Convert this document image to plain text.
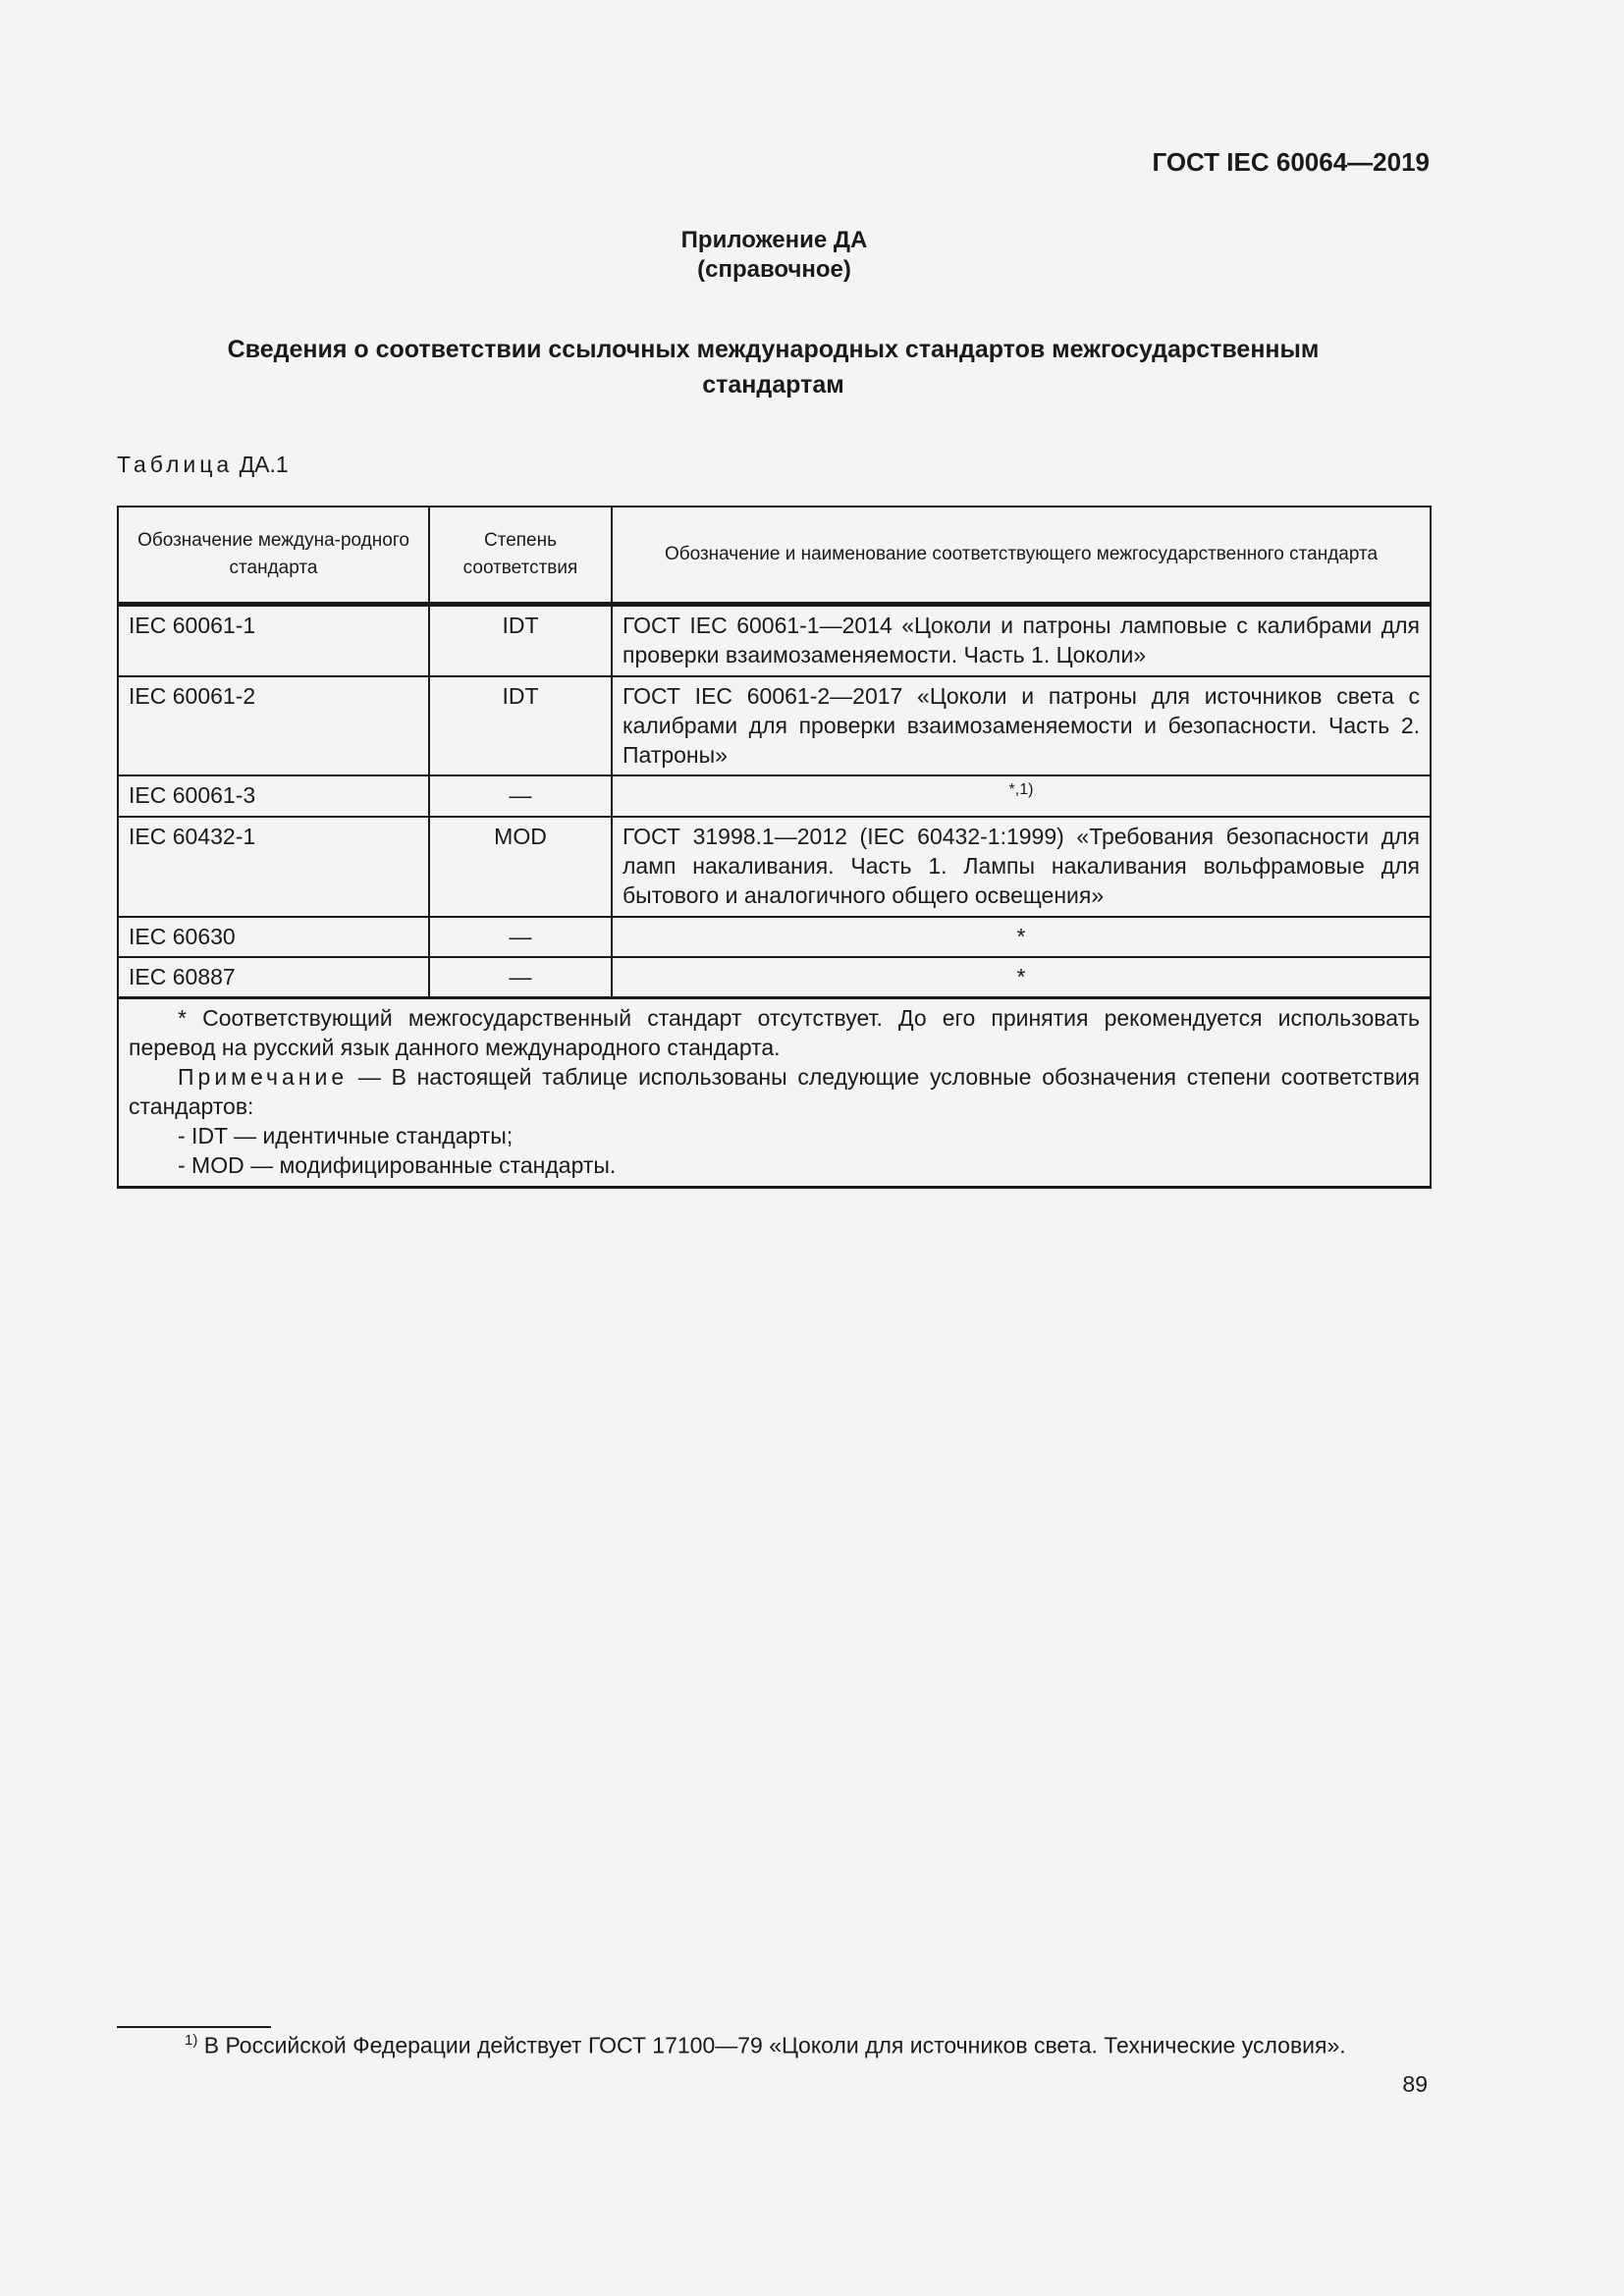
ГОСТ IEC 60064—2019
Приложение ДА
(справочное)
Сведения о соответствии ссылочных международных стандартов межгосударственным
стандартам
Таблица ДА.1
Обозначение междуна-родного стандарта	Степень соответствия	Обозначение и наименование соответствующего межгосударственного стандарта

IEC 60061-1	IDT	ГОСТ IEC 60061-1—2014 «Цоколи и патроны ламповые с калибрами для проверки взаимозаменяемости. Часть 1. Цоколи»
IEC 60061-2	IDT	ГОСТ IEC 60061-2—2017 «Цоколи и патроны для источников света с калибрами для проверки взаимозаменяемости и безопасности. Часть 2. Патроны»
IEC 60061-3	—	*,1)
IEC 60432-1	MOD	ГОСТ 31998.1—2012 (IEC 60432-1:1999) «Требования безопасности для ламп накаливания. Часть 1. Лампы накаливания вольфрамовые для бытового и аналогичного общего освещения»
IEC 60630	—	*
IEC 60887	—	*

* Соответствующий межгосударственный стандарт отсутствует. До его принятия рекомендуется использовать перевод на русский язык данного международного стандарта.

Примечание — В настоящей таблице использованы следующие условные обозначения степени соответствия стандартов:

- IDT — идентичные стандарты;

- MOD — модифицированные стандарты.		

$^{1)}$ В Российской Федерации действует ГОСТ 17100—79 «Цоколи для источников света. Технические условия».
89
